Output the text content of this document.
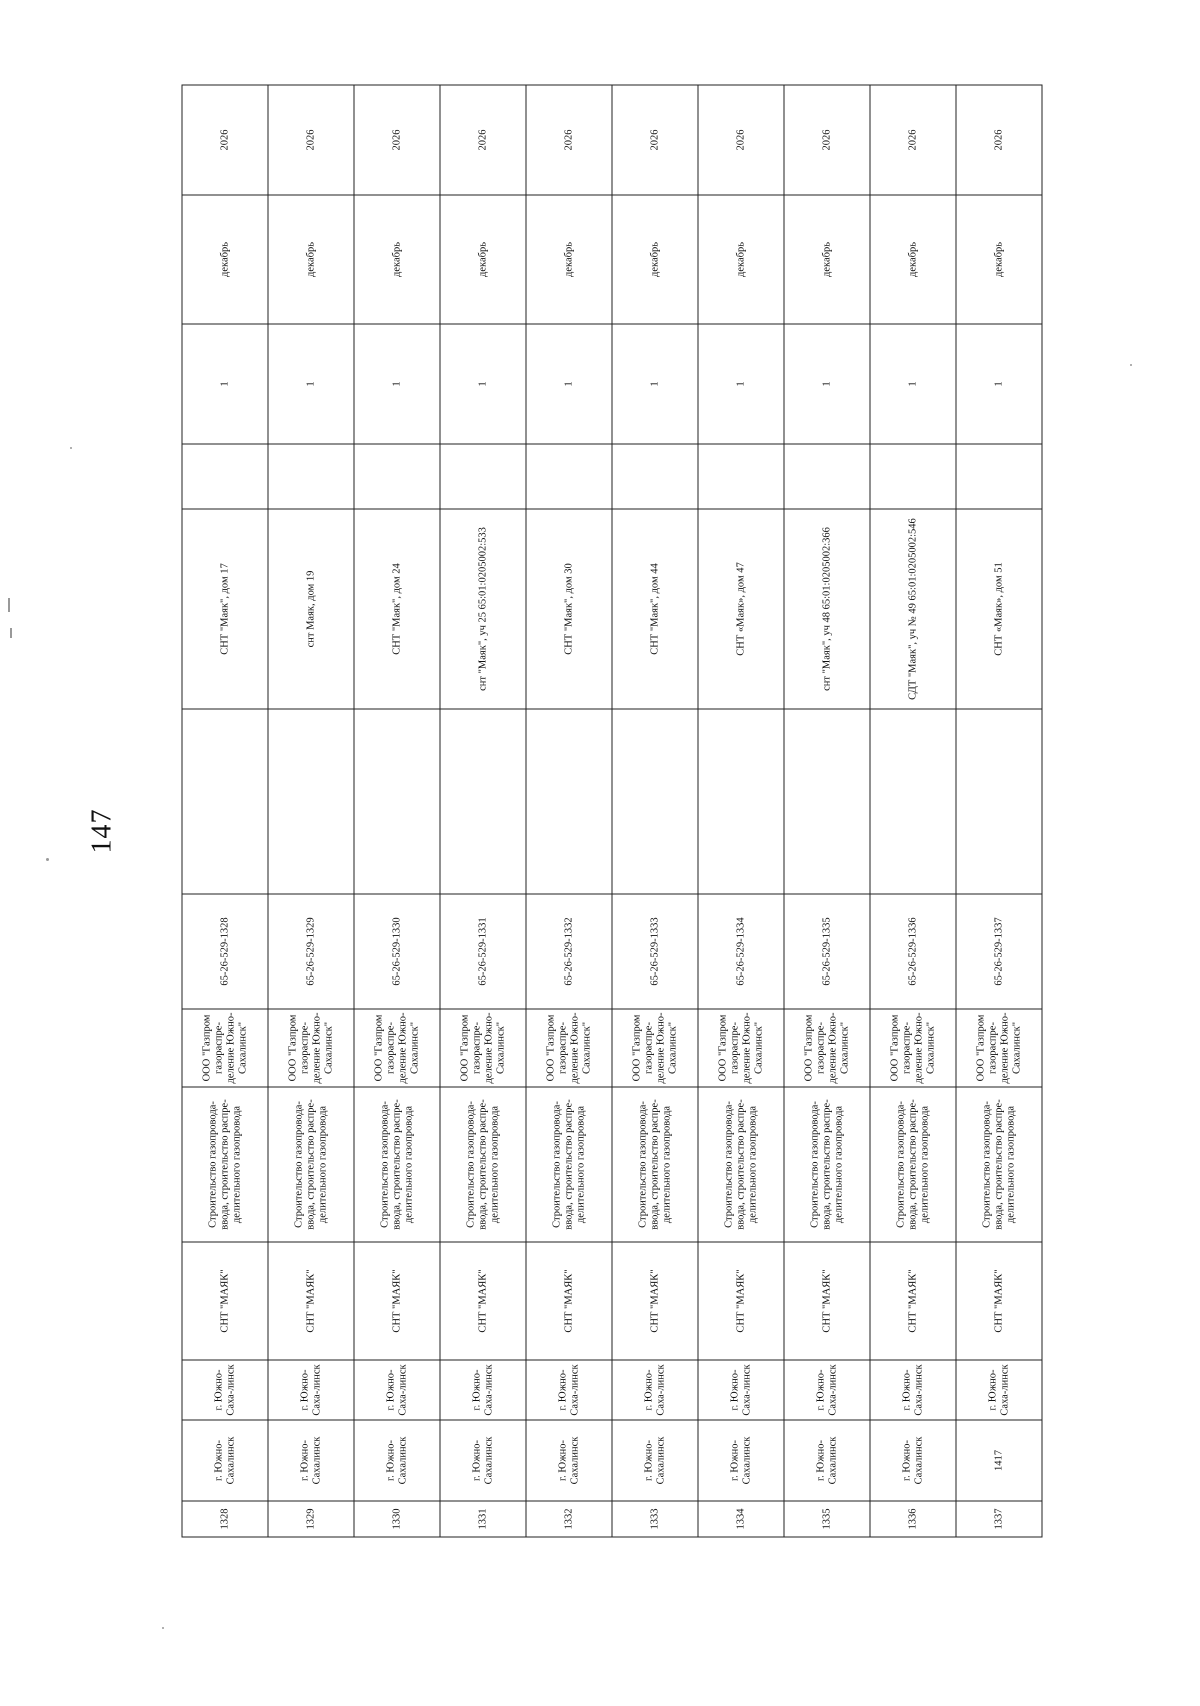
147
1328	г. Южно-Сахалинск	г. Южно-Саха-линск	СНТ "МАЯК"	Строительство газопровода-ввода, строительство распре-делительного газопровода	ООО "Газпром газораспре-деление Южно-Сахалинск"	65-26-529-1328		СНТ "Маяк", дом 17		1	декабрь	2026
1329	г. Южно-Сахалинск	г. Южно-Саха-линск	СНТ "МАЯК"	Строительство газопровода-ввода, строительство распре-делительного газопровода	ООО "Газпром газораспре-деление Южно-Сахалинск"	65-26-529-1329		снт Маяк, дом 19		1	декабрь	2026
1330	г. Южно-Сахалинск	г. Южно-Саха-линск	СНТ "МАЯК"	Строительство газопровода-ввода, строительство распре-делительного газопровода	ООО "Газпром газораспре-деление Южно-Сахалинск"	65-26-529-1330		СНТ "Маяк", дом 24		1	декабрь	2026
1331	г. Южно-Сахалинск	г. Южно-Саха-линск	СНТ "МАЯК"	Строительство газопровода-ввода, строительство распре-делительного газопровода	ООО "Газпром газораспре-деление Южно-Сахалинск"	65-26-529-1331		снт "Маяк", уч 25 65:01:0205002:533		1	декабрь	2026
1332	г. Южно-Сахалинск	г. Южно-Саха-линск	СНТ "МАЯК"	Строительство газопровода-ввода, строительство распре-делительного газопровода	ООО "Газпром газораспре-деление Южно-Сахалинск"	65-26-529-1332		СНТ "Маяк", дом 30		1	декабрь	2026
1333	г. Южно-Сахалинск	г. Южно-Саха-линск	СНТ "МАЯК"	Строительство газопровода-ввода, строительство распре-делительного газопровода	ООО "Газпром газораспре-деление Южно-Сахалинск"	65-26-529-1333		СНТ "Маяк", дом 44		1	декабрь	2026
1334	г. Южно-Сахалинск	г. Южно-Саха-линск	СНТ "МАЯК"	Строительство газопровода-ввода, строительство распре-делительного газопровода	ООО "Газпром газораспре-деление Южно-Сахалинск"	65-26-529-1334		СНТ «Маяк», дом 47		1	декабрь	2026
1335	г. Южно-Сахалинск	г. Южно-Саха-линск	СНТ "МАЯК"	Строительство газопровода-ввода, строительство распре-делительного газопровода	ООО "Газпром газораспре-деление Южно-Сахалинск"	65-26-529-1335		снт "Маяк", уч 48 65:01:0205002:366		1	декабрь	2026
1336	г. Южно-Сахалинск	г. Южно-Саха-линск	СНТ "МАЯК"	Строительство газопровода-ввода, строительство распре-делительного газопровода	ООО "Газпром газораспре-деление Южно-Сахалинск"	65-26-529-1336		СДТ "Маяк", уч № 49 65:01:0205002:546		1	декабрь	2026
1337	1417	г. Южно-Саха-линск	СНТ "МАЯК"	Строительство газопровода-ввода, строительство распре-делительного газопровода	ООО "Газпром газораспре-деление Южно-Сахалинск"	65-26-529-1337		СНТ «Маяк», дом 51		1	декабрь	2026
